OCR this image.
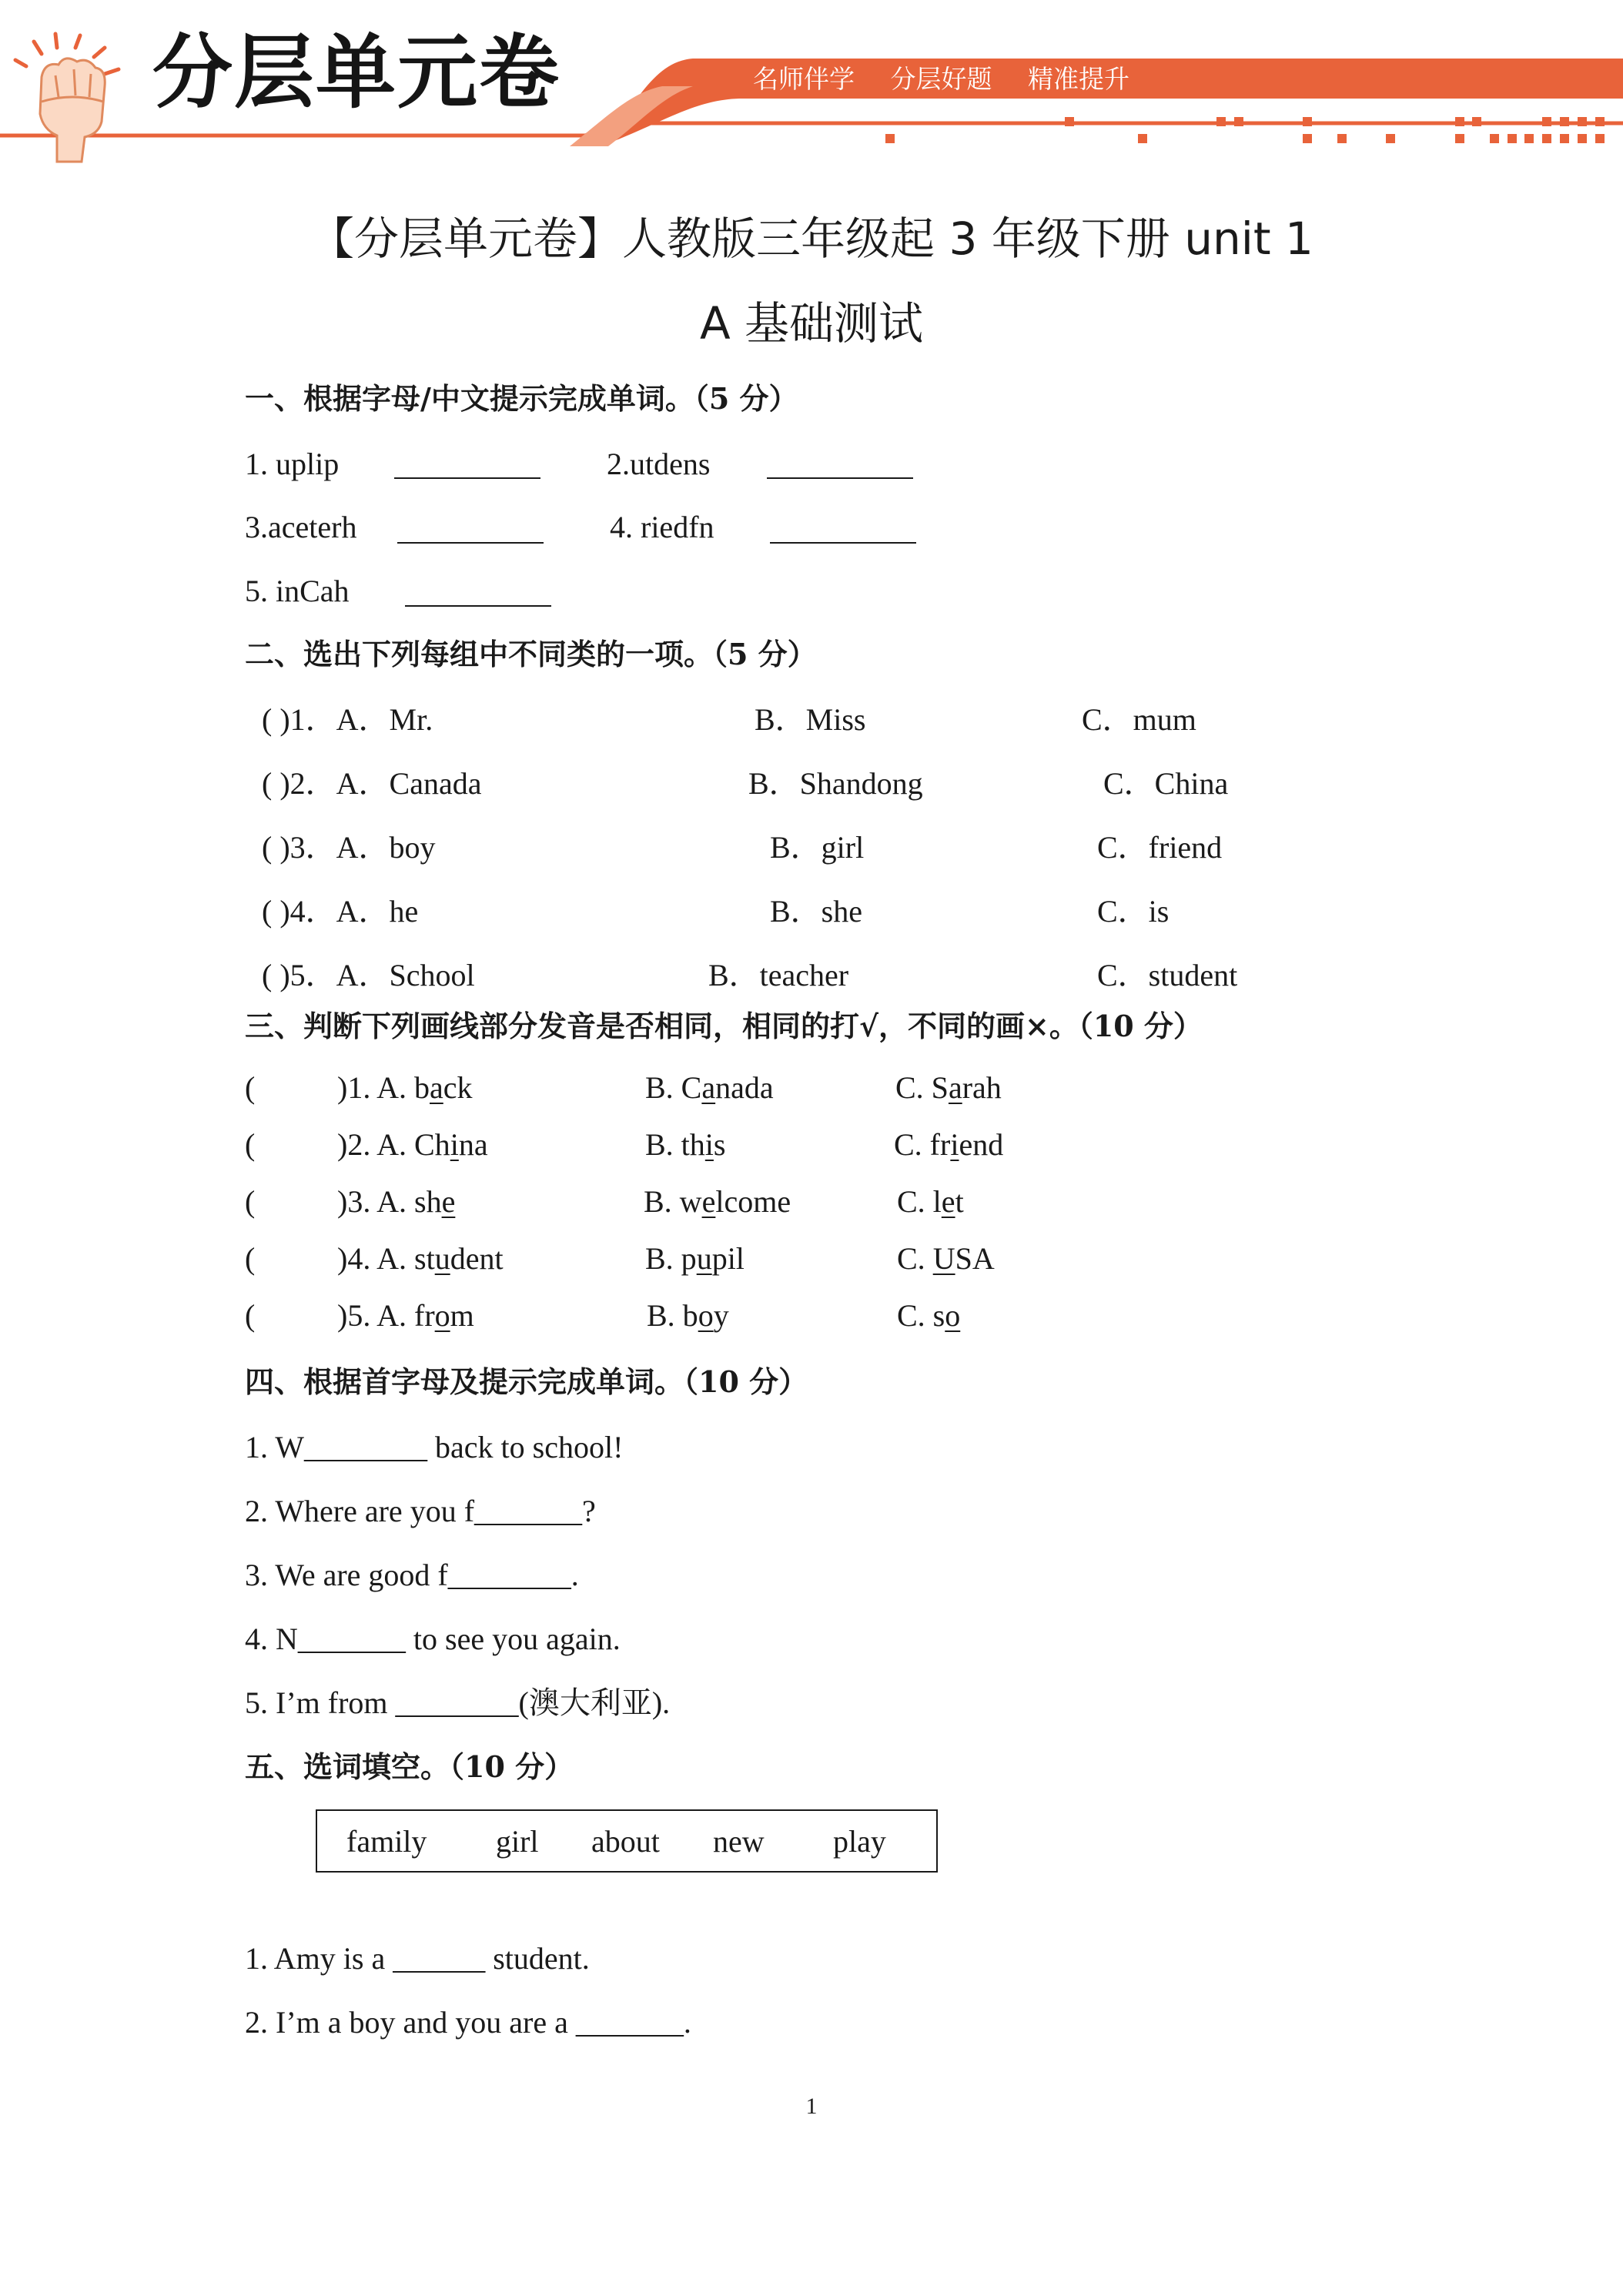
分层单元卷	名师伴学 分层好题 精准提升
【分层单元卷】人教版三年级起 3 年级下册 unit 1
A 基础测试
一、根据字母/中文提示完成单词。（5 分）
1. uplip	2.utdens
3.aceterh	4. riedfn
5. inCah
二、选出下列每组中不同类的一项。（5 分）
( )1．A．Mr.	B．Miss	C．mum
( )2．A．Canada	B．Shandong	C．China
( )3．A．boy	B．girl	C．friend
( )4．A．he	B．she	C．is
( )5．A．School	B．teacher	C．student
三、判断下列画线部分发音是否相同，相同的打√，不同的画×。（10 分）
(	)1. A. back	B. Canada	C. Sarah
(	)2. A. China	B. this	C. friend
(	)3. A. she	B. welcome	C. let
(	)4. A. student	B. pupil	C. USA
(	)5. A. from	B. boy	C. so
四、根据首字母及提示完成单词。（10 分）
1. W________ back to school!
2. Where are you f_______?
3. We are good f________.
4. N_______ to see you again.
5. I’m from ________(澳大利亚).
五、选词填空。（10 分）
family girl about new play
1. Amy is a ______ student.
2. I’m a boy and you are a _______.
1
